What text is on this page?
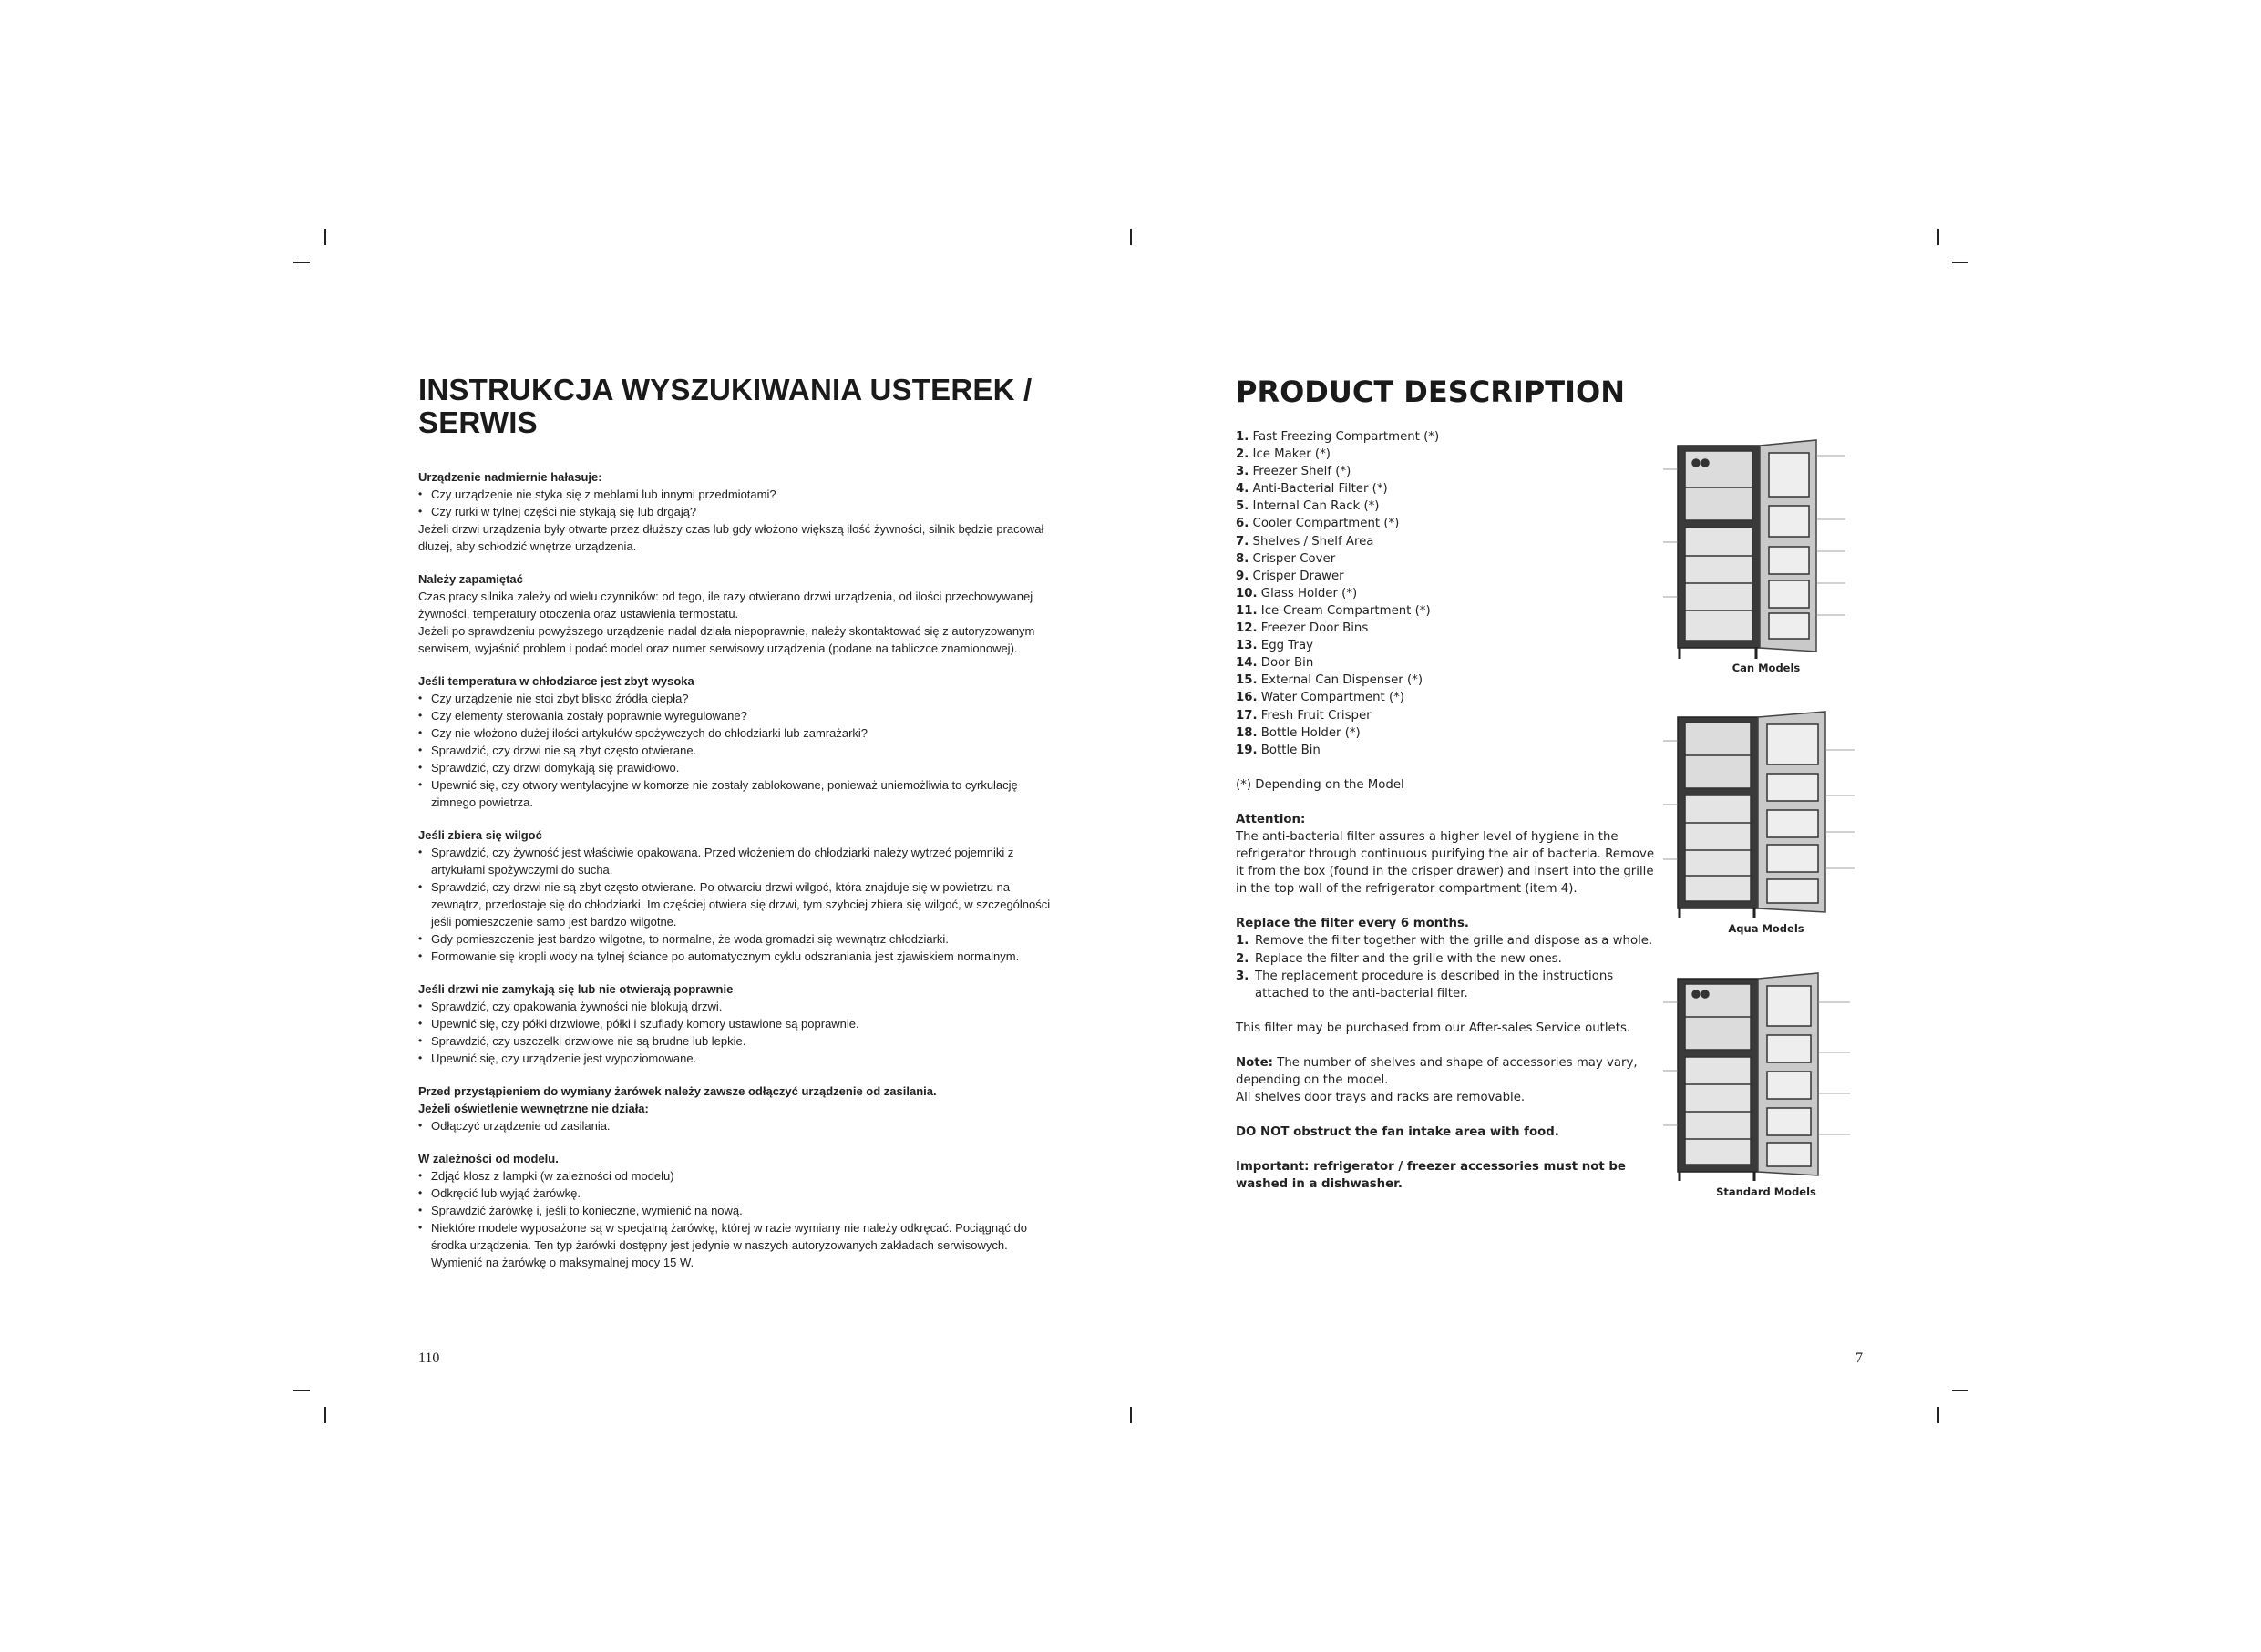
INSTRUKCJA WYSZUKIWANIA USTEREK / SERWIS
Urządzenie nadmiernie hałasuje:
• Czy urządzenie nie styka się z meblami lub innymi przedmiotami?
• Czy rurki w tylnej części nie stykają się lub drgają?
Jeżeli drzwi urządzenia były otwarte przez dłuższy czas lub gdy włożono większą ilość żywności, silnik będzie pracował dłużej, aby schłodzić wnętrze urządzenia.
Należy zapamiętać
Czas pracy silnika zależy od wielu czynników: od tego, ile razy otwierano drzwi urządzenia, od ilości przechowywanej żywności, temperatury otoczenia oraz ustawienia termostatu.
Jeżeli po sprawdzeniu powyższego urządzenie nadal działa niepoprawnie, należy skontaktować się z autoryzowanym serwisem, wyjaśnić problem i podać model oraz numer serwisowy urządzenia (podane na tabliczce znamionowej).
Jeśli temperatura w chłodziarce jest zbyt wysoka
• Czy urządzenie nie stoi zbyt blisko źródła ciepła?
• Czy elementy sterowania zostały poprawnie wyregulowane?
• Czy nie włożono dużej ilości artykułów spożywczych do chłodziarki lub zamrażarki?
• Sprawdzić, czy drzwi nie są zbyt często otwierane.
• Sprawdzić, czy drzwi domykają się prawidłowo.
• Upewnić się, czy otwory wentylacyjne w komorze nie zostały zablokowane, ponieważ uniemożliwia to cyrkulację zimnego powietrza.
Jeśli zbiera się wilgoć
• Sprawdzić, czy żywność jest właściwie opakowana. Przed włożeniem do chłodziarki należy wytrzeć pojemniki z artykułami spożywczymi do sucha.
• Sprawdzić, czy drzwi nie są zbyt często otwierane. Po otwarciu drzwi wilgoć, która znajduje się w powietrzu na zewnątrz, przedostaje się do chłodziarki. Im częściej otwiera się drzwi, tym szybciej zbiera się wilgoć, w szczególności jeśli pomieszczenie samo jest bardzo wilgotne.
• Gdy pomieszczenie jest bardzo wilgotne, to normalne, że woda gromadzi się wewnątrz chłodziarki.
• Formowanie się kropli wody na tylnej ściance po automatycznym cyklu odszraniania jest zjawiskiem normalnym.
Jeśli drzwi nie zamykają się lub nie otwierają poprawnie
• Sprawdzić, czy opakowania żywności nie blokują drzwi.
• Upewnić się, czy półki drzwiowe, półki i szuflady komory ustawione są poprawnie.
• Sprawdzić, czy uszczelki drzwiowe nie są brudne lub lepkie.
• Upewnić się, czy urządzenie jest wypoziomowane.
Przed przystąpieniem do wymiany żarówek należy zawsze odłączyć urządzenie od zasilania.
Jeżeli oświetlenie wewnętrzne nie działa:
• Odłączyć urządzenie od zasilania.
W zależności od modelu.
• Zdjąć klosz z lampki (w zależności od modelu)
• Odkręcić lub wyjąć żarówkę.
• Sprawdzić żarówkę i, jeśli to konieczne, wymienić na nową.
• Niektóre modele wyposażone są w specjalną żarówkę, której w razie wymiany nie należy odkręcać. Pociągnąć do środka urządzenia. Ten typ żarówki dostępny jest jedynie w naszych autoryzowanych zakładach serwisowych. Wymienić na żarówkę o maksymalnej mocy 15 W.
110
PRODUCT DESCRIPTION
1. Fast Freezing Compartment (*)
2. Ice Maker (*)
3. Freezer Shelf (*)
4. Anti-Bacterial Filter (*)
5. Internal Can Rack (*)
6. Cooler Compartment (*)
7. Shelves / Shelf Area
8. Crisper Cover
9. Crisper Drawer
10. Glass Holder (*)
11. Ice-Cream Compartment (*)
12. Freezer Door Bins
13. Egg Tray
14. Door Bin
15. External Can Dispenser (*)
16. Water Compartment (*)
17. Fresh Fruit Crisper
18. Bottle Holder (*)
19. Bottle Bin
(*) Depending on the Model
Attention:
The anti-bacterial filter assures a higher level of hygiene in the refrigerator through continuous purifying the air of bacteria. Remove it from the box (found in the crisper drawer) and insert into the grille in the top wall of the refrigerator compartment (item 4).
Replace the filter every 6 months.
1. Remove the filter together with the grille and dispose as a whole.
2. Replace the filter and the grille with the new ones.
3. The replacement procedure is described in the instructions attached to the anti-bacterial filter.
This filter may be purchased from our After-sales Service outlets.
Note: The number of shelves and shape of accessories may vary, depending on the model.
All shelves door trays and racks are removable.
DO NOT obstruct the fan intake area with food.
Important: refrigerator / freezer accessories must not be washed in a dishwasher.
7
Can Models
Aqua Models
Standard Models
